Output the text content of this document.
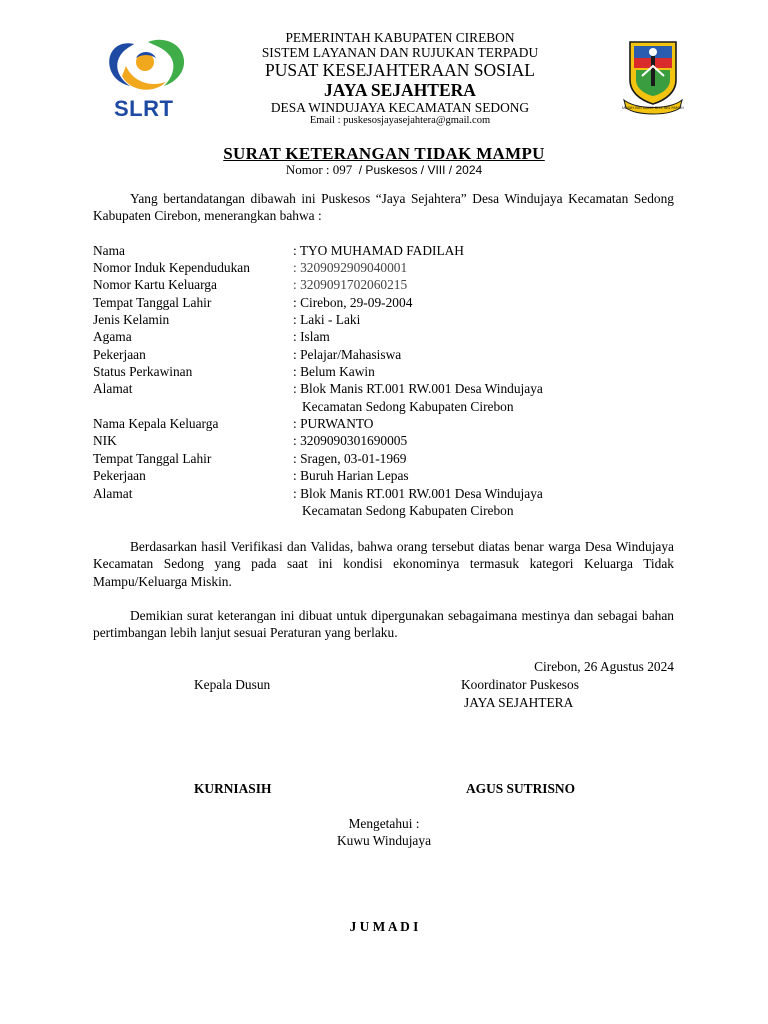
SLRT
PEMERINTAH KABUPATEN CIREBON
SISTEM LAYANAN DAN RUJUKAN TERPADU
PUSAT KESEJAHTERAAN SOSIAL
JAYA SEJAHTERA
DESA WINDUJAYA KECAMATAN SEDONG
Email : puskesosjayasejahtera@gmail.com
RAMAH ING GAWE BLIS ING PAMRIH
SURAT KETERANGAN TIDAK MAMPU
Nomor : 097 / Puskesos / VIII / 2024

Yang bertandatangan dibawah ini Puskesos “Jaya Sejahtera” Desa Windujaya Kecamatan Sedong Kabupaten Cirebon, menerangkan bahwa :

Nama	: TYO MUHAMAD FADILAH
Nomor Induk Kependudukan	: 3209092909040001
Nomor Kartu Keluarga	: 3209091702060215
Tempat Tanggal Lahir	: Cirebon, 29-09-2004
Jenis Kelamin	: Laki - Laki
Agama	: Islam
Pekerjaan	: Pelajar/Mahasiswa
Status Perkawinan	: Belum Kawin
Alamat	: Blok Manis RT.001 RW.001 Desa Windujaya
Kecamatan Sedong Kabupaten Cirebon
Nama Kepala Keluarga	: PURWANTO
NIK	: 3209090301690005
Tempat Tanggal Lahir	: Sragen, 03-01-1969
Pekerjaan	: Buruh Harian Lepas
Alamat	: Blok Manis RT.001 RW.001 Desa Windujaya
Kecamatan Sedong Kabupaten Cirebon

Berdasarkan hasil Verifikasi dan Validas, bahwa orang tersebut diatas benar warga Desa Windujaya Kecamatan Sedong yang pada saat ini kondisi ekonominya termasuk kategori Keluarga Tidak Mampu/Keluarga Miskin.

Demikian surat keterangan ini dibuat untuk dipergunakan sebagaimana mestinya dan sebagai bahan pertimbangan lebih lanjut sesuai Peraturan yang berlaku.

Cirebon, 26 Agustus 2024
Kepala Dusun	Koordinator Puskesos
JAYA SEJAHTERA
KURNIASIH	AGUS SUTRISNO
Mengetahui :
Kuwu Windujaya
J U M A D I
